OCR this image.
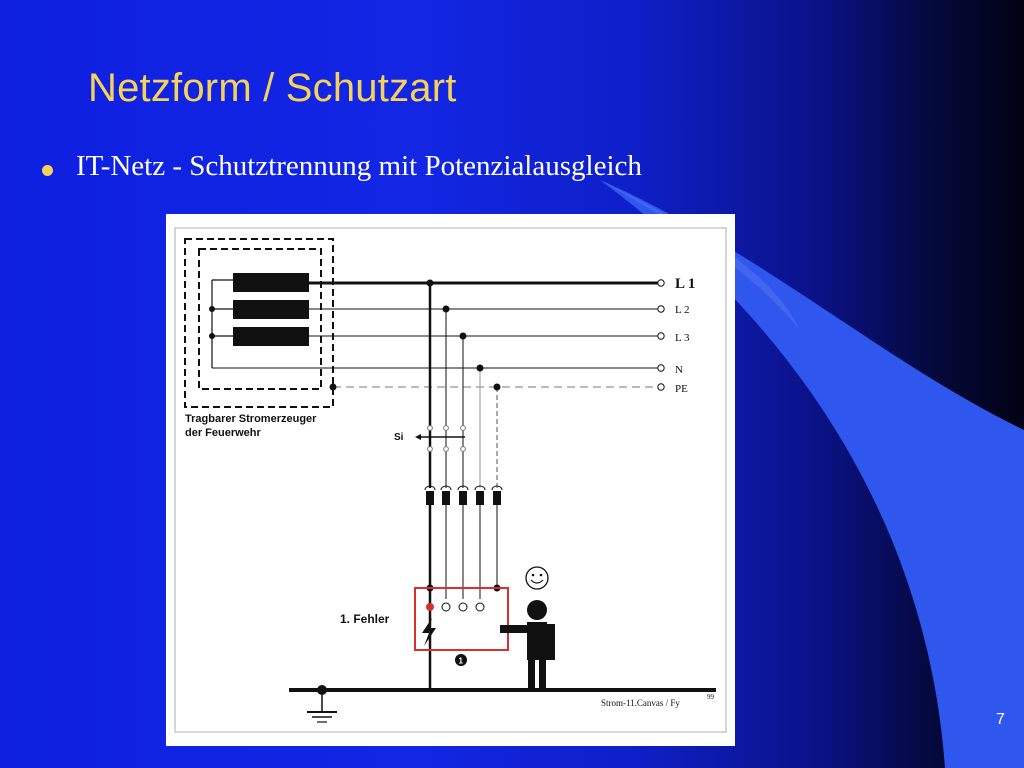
Netzform / Schutzart
IT-Netz - Schutztrennung mit Potenzialausgleich
L 1
L 2
L 3
N
PE
Si
1. Fehler
1
Tragbarer Stromerzeuger
der Feuerwehr
Strom-11.Canvas / Fy
99
7
